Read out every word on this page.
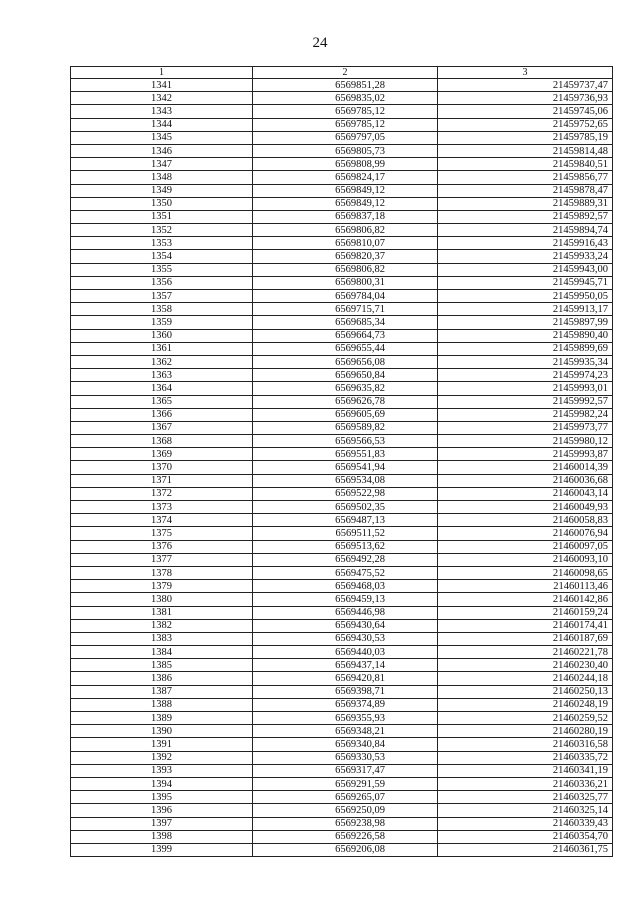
24
1	2	3
1341	6569851,28	21459737,47
1342	6569835,02	21459736,93
1343	6569785,12	21459745,06
1344	6569785,12	21459752,65
1345	6569797,05	21459785,19
1346	6569805,73	21459814,48
1347	6569808,99	21459840,51
1348	6569824,17	21459856,77
1349	6569849,12	21459878,47
1350	6569849,12	21459889,31
1351	6569837,18	21459892,57
1352	6569806,82	21459894,74
1353	6569810,07	21459916,43
1354	6569820,37	21459933,24
1355	6569806,82	21459943,00
1356	6569800,31	21459945,71
1357	6569784,04	21459950,05
1358	6569715,71	21459913,17
1359	6569685,34	21459897,99
1360	6569664,73	21459890,40
1361	6569655,44	21459899,69
1362	6569656,08	21459935,34
1363	6569650,84	21459974,23
1364	6569635,82	21459993,01
1365	6569626,78	21459992,57
1366	6569605,69	21459982,24
1367	6569589,82	21459973,77
1368	6569566,53	21459980,12
1369	6569551,83	21459993,87
1370	6569541,94	21460014,39
1371	6569534,08	21460036,68
1372	6569522,98	21460043,14
1373	6569502,35	21460049,93
1374	6569487,13	21460058,83
1375	6569511,52	21460076,94
1376	6569513,62	21460097,05
1377	6569492,28	21460093,10
1378	6569475,52	21460098,65
1379	6569468,03	21460113,46
1380	6569459,13	21460142,86
1381	6569446,98	21460159,24
1382	6569430,64	21460174,41
1383	6569430,53	21460187,69
1384	6569440,03	21460221,78
1385	6569437,14	21460230,40
1386	6569420,81	21460244,18
1387	6569398,71	21460250,13
1388	6569374,89	21460248,19
1389	6569355,93	21460259,52
1390	6569348,21	21460280,19
1391	6569340,84	21460316,58
1392	6569330,53	21460335,72
1393	6569317,47	21460341,19
1394	6569291,59	21460336,21
1395	6569265,07	21460325,77
1396	6569250,09	21460325,14
1397	6569238,98	21460339,43
1398	6569226,58	21460354,70
1399	6569206,08	21460361,75
